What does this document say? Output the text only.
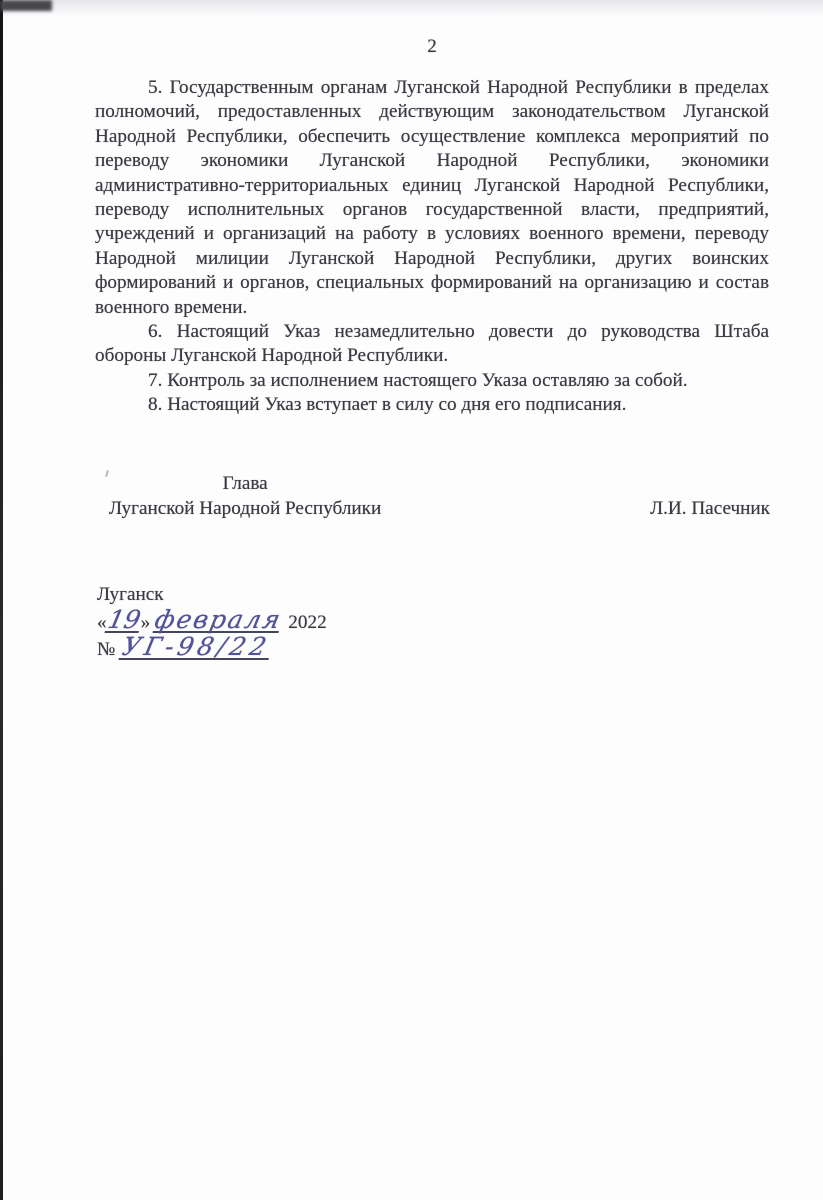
2

5. Государственным органам Луганской Народной Республики в пределах полномочий, предоставленных действующим законодательством Луганской Народной Республики, обеспечить осуществление комплекса мероприятий по переводу экономики Луганской Народной Республики, экономики административно-территориальных единиц Луганской Народной Республики, переводу исполнительных органов государственной власти, предприятий, учреждений и организаций на работу в условиях военного времени, переводу Народной милиции Луганской Народной Республики, других воинских формирований и органов, специальных формирований на организацию и состав военного времени.

6. Настоящий Указ незамедлительно довести до руководства Штаба обороны Луганской Народной Республики.

7. Контроль за исполнением настоящего Указа оставляю за собой.

8. Настоящий Указ вступает в силу со дня его подписания.

Глава
Луганской Народной Республики	Л.И. Пасечник
Луганск
«19» февраля 2022
№ УГ-98/22
